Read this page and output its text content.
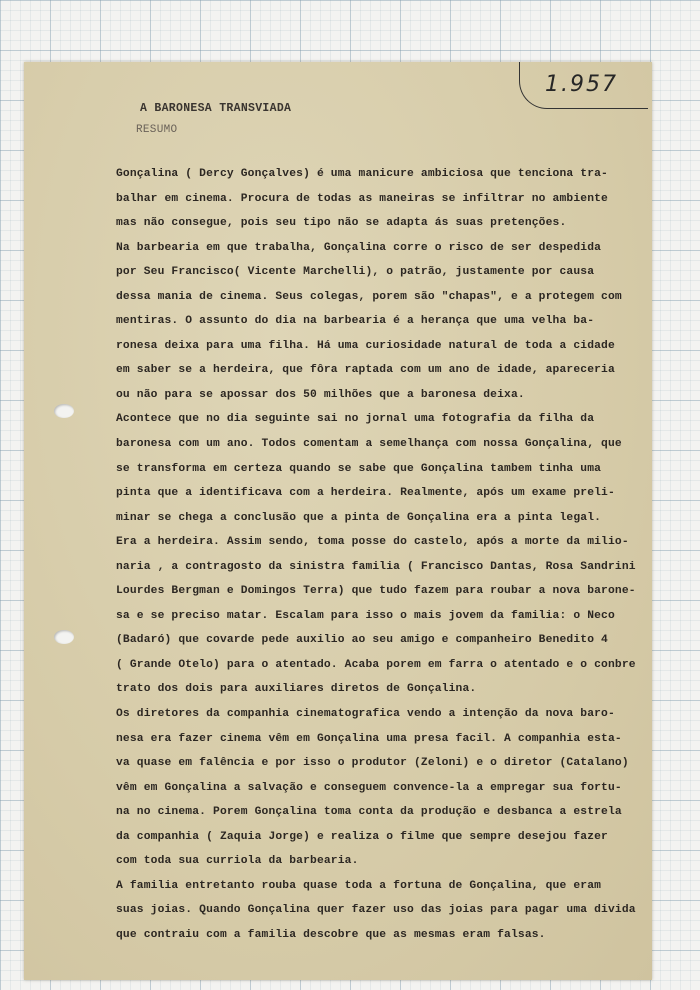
1.957
A BARONESA TRANSVIADA
RESUMO
Gonçalina ( Dercy Gonçalves) é uma manicure ambiciosa que tenciona tra-
balhar em cinema. Procura de todas as maneiras se infiltrar no ambiente
mas não consegue, pois seu tipo não se adapta ás suas pretenções.
Na barbearia em que trabalha, Gonçalina corre o risco de ser despedida
por Seu Francisco( Vicente Marchelli), o patrão, justamente por causa
dessa mania de cinema. Seus colegas, porem são "chapas", e a protegem com
mentiras. O assunto do dia na barbearia é a herança que uma velha ba-
ronesa deixa para uma filha. Há uma curiosidade natural de toda a cidade
em saber se a herdeira, que fôra raptada com um ano de idade, apareceria
ou não para se apossar dos 50 milhões que a baronesa deixa.
Acontece que no dia seguinte sai no jornal uma fotografia da filha da
baronesa com um ano. Todos comentam a semelhança com nossa Gonçalina, que
se transforma em certeza quando se sabe que Gonçalina tambem tinha uma
pinta que a identificava com a herdeira. Realmente, após um exame preli-
minar se chega a conclusão que a pinta de Gonçalina era a pinta legal.
Era a herdeira. Assim sendo, toma posse do castelo, após a morte da milio-
naria , a contragosto da sinistra familia ( Francisco Dantas, Rosa Sandrini
Lourdes Bergman e Domingos Terra) que tudo fazem para roubar a nova barone-
sa e se preciso matar. Escalam para isso o mais jovem da familia: o Neco
(Badaró) que covarde pede auxilio ao seu amigo e companheiro Benedito 4
( Grande Otelo) para o atentado. Acaba porem em farra o atentado e o conbre
trato dos dois para auxiliares diretos de Gonçalina.
Os diretores da companhia cinematografica vendo a intenção da nova baro-
nesa era fazer cinema vêm em Gonçalina uma presa facil. A companhia esta-
va quase em falência e por isso o produtor (Zeloni) e o diretor (Catalano)
vêm em Gonçalina a salvação e conseguem convence-la a empregar sua fortu-
na no cinema. Porem Gonçalina toma conta da produção e desbanca a estrela
da companhia ( Zaquia Jorge) e realiza o filme que sempre desejou fazer
com toda sua curriola da barbearia.
A familia entretanto rouba quase toda a fortuna de Gonçalina, que eram
suas joias. Quando Gonçalina quer fazer uso das joias para pagar uma divida
que contraiu com a familia descobre que as mesmas eram falsas.
